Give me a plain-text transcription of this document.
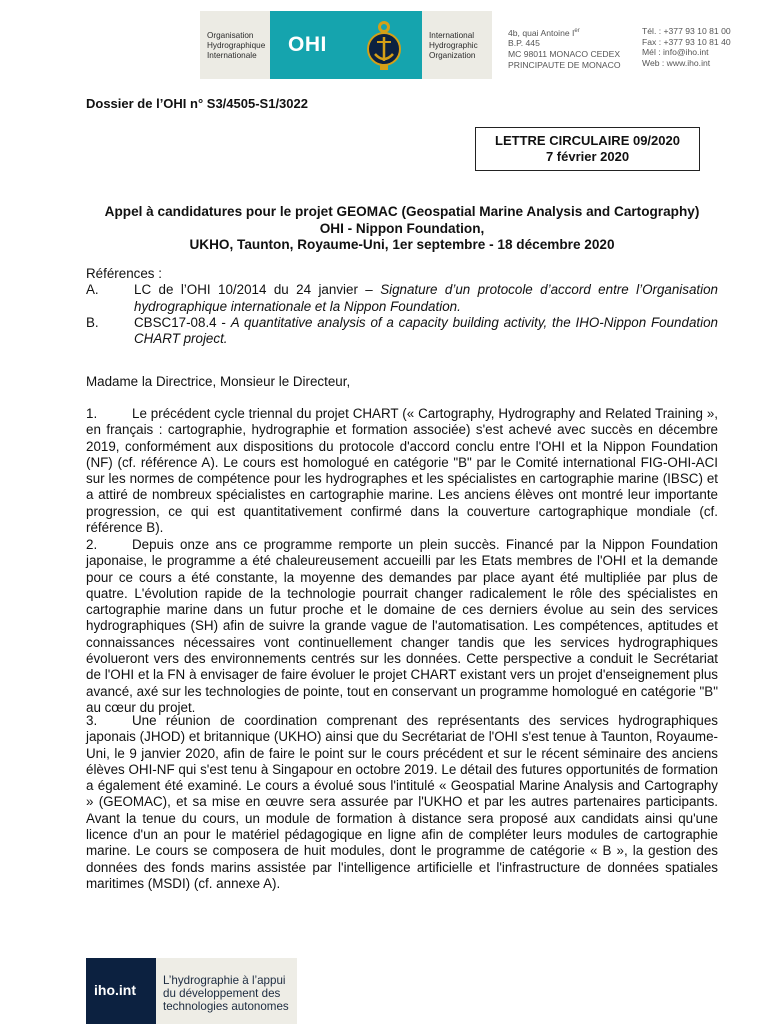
Organisation
Hydrographique
Internationale	OHI	International
Hydrographic
Organization
4b, quai Antoine Ier
B.P. 445
MC 98011 MONACO CEDEX
PRINCIPAUTE DE MONACO
Tél. : +377 93 10 81 00
Fax : +377 93 10 81 40
Mél : info@iho.int
Web : www.iho.int
Dossier de l’OHI n° S3/4505-S1/3022
LETTRE CIRCULAIRE 09/2020
7 février 2020
Appel à candidatures pour le projet GEOMAC (Geospatial Marine Analysis and Cartography)
OHI - Nippon Foundation,
UKHO, Taunton, Royaume-Uni, 1er septembre - 18 décembre 2020
Références :
A.	LC de l’OHI 10/2014 du 24 janvier – Signature d’un protocole d’accord entre l’Organisation hydrographique internationale et la Nippon Foundation.
B.	CBSC17-08.4 - A quantitative analysis of a capacity building activity, the IHO-Nippon Foundation CHART project.
Madame la Directrice, Monsieur le Directeur,
1.	Le précédent cycle triennal du projet CHART (« Cartography, Hydrography and Related Training », en français : cartographie, hydrographie et formation associée) s'est achevé avec succès en décembre 2019, conformément aux dispositions du protocole d'accord conclu entre l'OHI et la Nippon Foundation (NF) (cf. référence A). Le cours est homologué en catégorie "B" par le Comité international FIG-OHI-ACI sur les normes de compétence pour les hydrographes et les spécialistes en cartographie marine (IBSC) et a attiré de nombreux spécialistes en cartographie marine. Les anciens élèves ont montré leur importante progression, ce qui est quantitativement confirmé dans la couverture cartographique mondiale (cf. référence B).
2.	Depuis onze ans ce programme remporte un plein succès. Financé par la Nippon Foundation japonaise, le programme a été chaleureusement accueilli par les Etats membres de l'OHI et la demande pour ce cours a été constante, la moyenne des demandes par place ayant été multipliée par plus de quatre. L'évolution rapide de la technologie pourrait changer radicalement le rôle des spécialistes en cartographie marine dans un futur proche et le domaine de ces derniers évolue au sein des services hydrographiques (SH) afin de suivre la grande vague de l'automatisation. Les compétences, aptitudes et connaissances nécessaires vont continuellement changer tandis que les services hydrographiques évolueront vers des environnements centrés sur les données. Cette perspective a conduit le Secrétariat de l'OHI et la FN à envisager de faire évoluer le projet CHART existant vers un projet d'enseignement plus avancé, axé sur les technologies de pointe, tout en conservant un programme homologué en catégorie "B" au cœur du projet.
3.	Une réunion de coordination comprenant des représentants des services hydrographiques japonais (JHOD) et britannique (UKHO) ainsi que du Secrétariat de l'OHI s'est tenue à Taunton, Royaume-Uni, le 9 janvier 2020, afin de faire le point sur le cours précédent et sur le récent séminaire des anciens élèves OHI-NF qui s'est tenu à Singapour en octobre 2019. Le détail des futures opportunités de formation a également été examiné. Le cours a évolué sous l'intitulé « Geospatial Marine Analysis and Cartography » (GEOMAC), et sa mise en œuvre sera assurée par l'UKHO et par les autres partenaires participants. Avant la tenue du cours, un module de formation à distance sera proposé aux candidats ainsi qu'une licence d'un an pour le matériel pédagogique en ligne afin de compléter leurs modules de cartographie marine. Le cours se composera de huit modules, dont le programme de catégorie « B », la gestion des données des fonds marins assistée par l'intelligence artificielle et l'infrastructure de données spatiales maritimes (MSDI) (cf. annexe A).
iho.int
L’hydrographie à l’appui
du développement des
technologies autonomes
